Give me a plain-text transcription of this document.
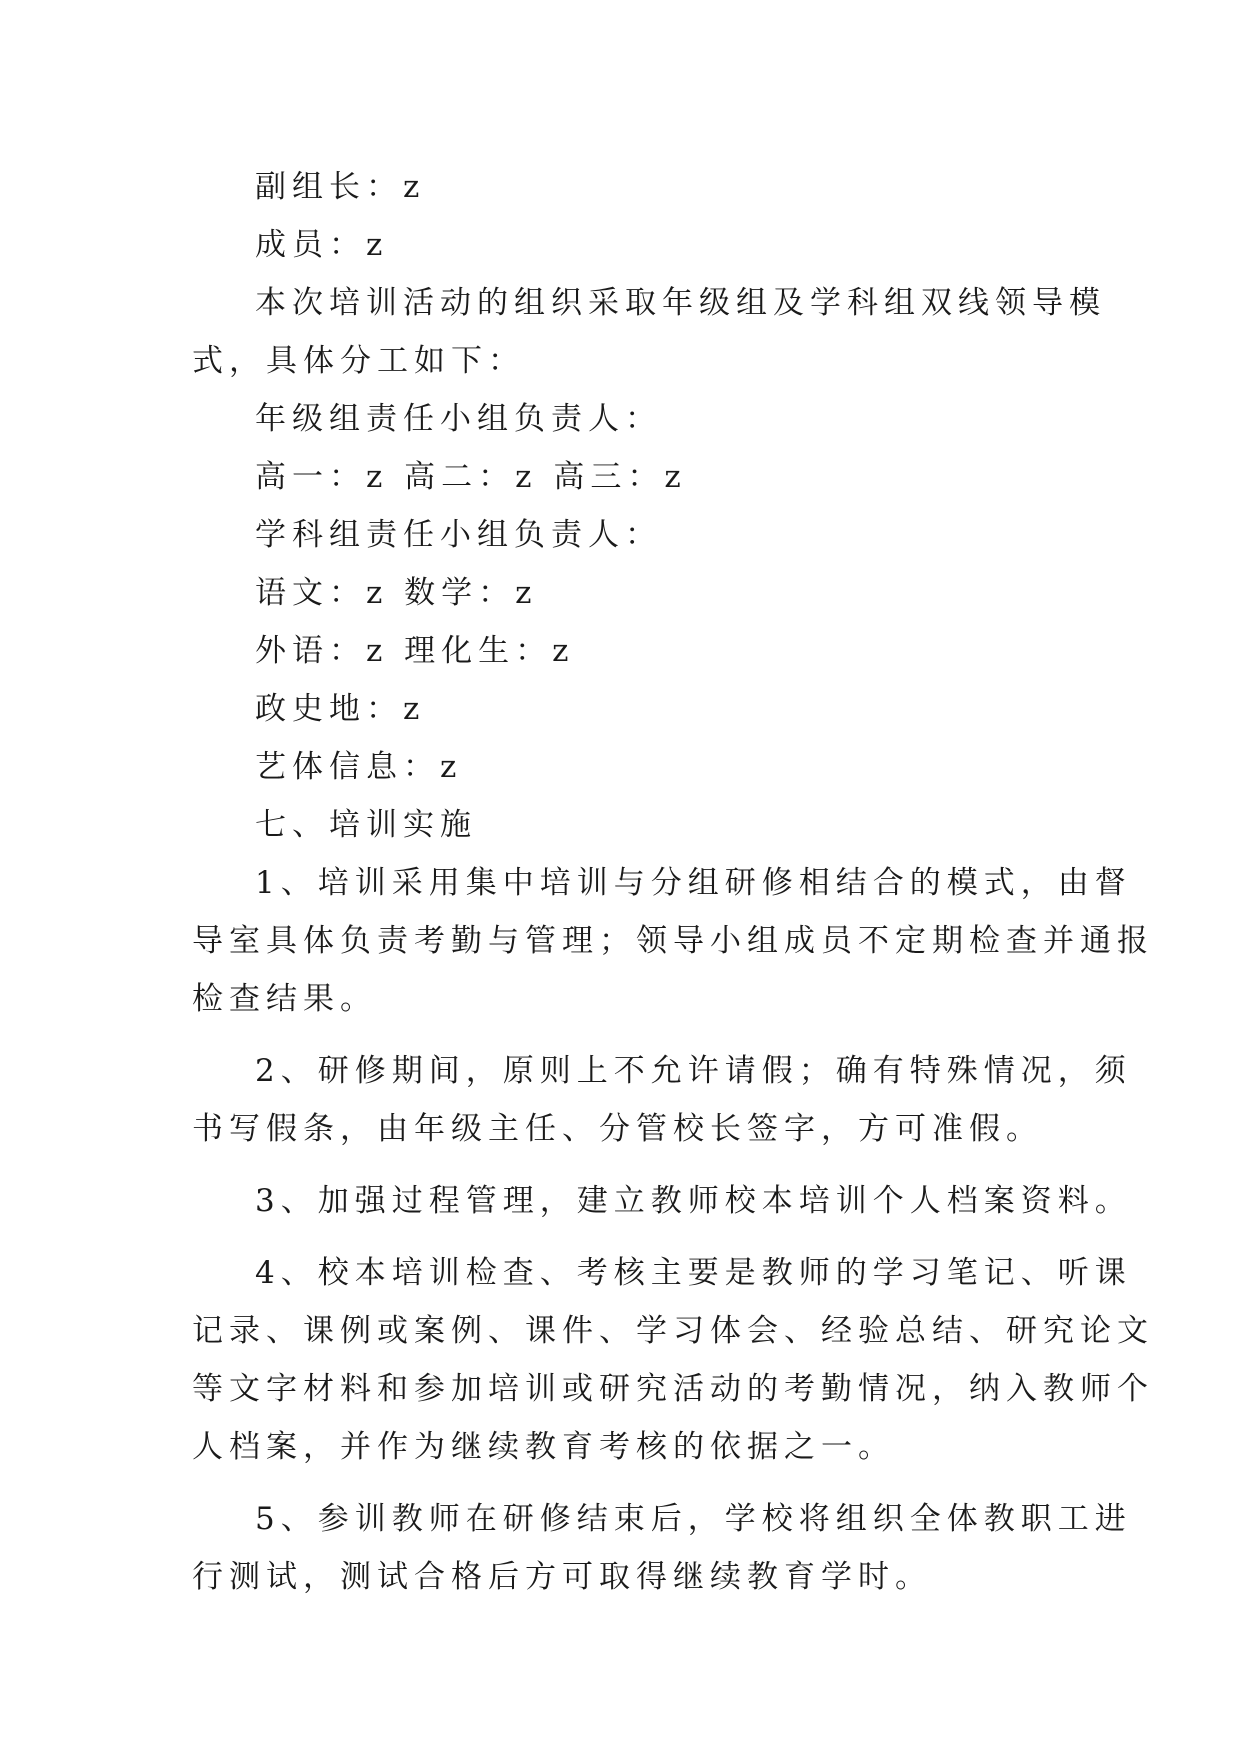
副组长：z

成员：z

本次培训活动的组织采取年级组及学科组双线领导模
式，具体分工如下：

年级组责任小组负责人：

高一：z 高二：z 高三：z

学科组责任小组负责人：

语文：z 数学：z

外语：z 理化生：z

政史地：z

艺体信息：z

七、培训实施

1、培训采用集中培训与分组研修相结合的模式，由督
导室具体负责考勤与管理；领导小组成员不定期检查并通报
检查结果。
2、研修期间，原则上不允许请假；确有特殊情况，须
书写假条，由年级主任、分管校长签字，方可准假。
3、加强过程管理，建立教师校本培训个人档案资料。
4、校本培训检查、考核主要是教师的学习笔记、听课
记录、课例或案例、课件、学习体会、经验总结、研究论文
等文字材料和参加培训或研究活动的考勤情况，纳入教师个
人档案，并作为继续教育考核的依据之一。
5、参训教师在研修结束后，学校将组织全体教职工进
行测试，测试合格后方可取得继续教育学时。
